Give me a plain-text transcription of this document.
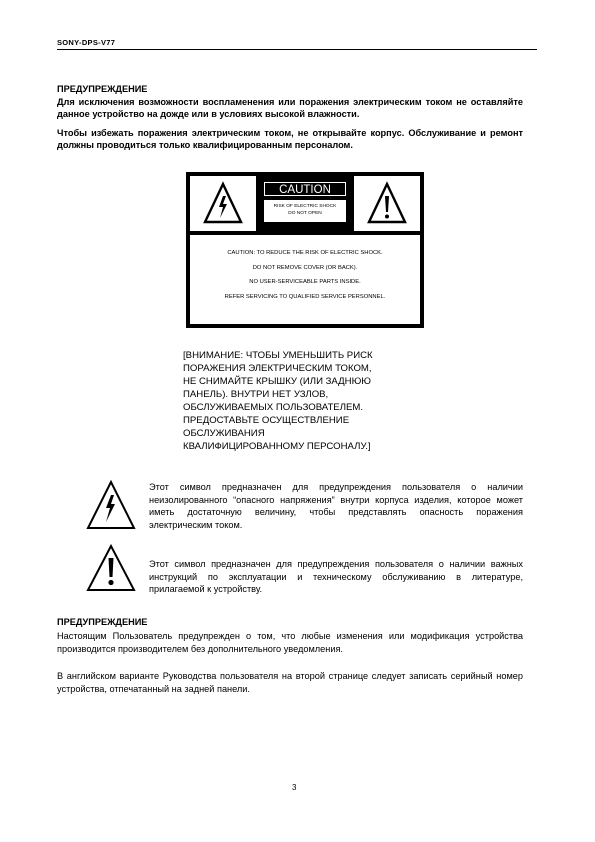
SONY-DPS-V77
ПРЕДУПРЕЖДЕНИЕ
Для исключения возможности воспламенения или поражения электрическим током не оставляйте данное устройство на дожде или в условиях высокой влажности.
Чтобы избежать поражения электрическим током, не открывайте корпус. Обслуживание и ремонт должны проводиться только квалифицированным персоналом.
CAUTION
RISK OF ELECTRIC SHOCK
DO NOT OPEN
CAUTION: TO REDUCE THE RISK OF ELECTRIC SHOCK.
DO NOT REMOVE COVER (OR BACK).
NO USER-SERVICEABLE PARTS INSIDE.
REFER SERVICING TO QUALIFIED SERVICE PERSONNEL.
[ВНИМАНИЕ: ЧТОБЫ УМЕНЬШИТЬ РИСК
ПОРАЖЕНИЯ ЭЛЕКТРИЧЕСКИМ ТОКОМ,
НЕ СНИМАЙТЕ КРЫШКУ (ИЛИ ЗАДНЮЮ
ПАНЕЛЬ). ВНУТРИ НЕТ УЗЛОВ,
ОБСЛУЖИВАЕМЫХ ПОЛЬЗОВАТЕЛЕМ.
ПРЕДОСТАВЬТЕ ОСУЩЕСТВЛЕНИЕ
ОБСЛУЖИВАНИЯ
КВАЛИФИЦИРОВАННОМУ ПЕРСОНАЛУ.]
Этот символ предназначен для предупреждения пользователя о наличии неизолированного “опасного напряжения” внутри корпуса изделия, которое может иметь достаточную величину, чтобы представлять опасность поражения электрическим током.
Этот символ предназначен для предупреждения пользователя о наличии важных инструкций по эксплуатации и техническому обслуживанию в литературе, прилагаемой к устройству.
ПРЕДУПРЕЖДЕНИЕ
Настоящим Пользователь предупрежден о том, что любые изменения или модификация устройства производится производителем без дополнительного уведомления.
В английском варианте Руководства пользователя на второй странице следует записать серийный номер устройства, отпечатанный на задней панели.
3
